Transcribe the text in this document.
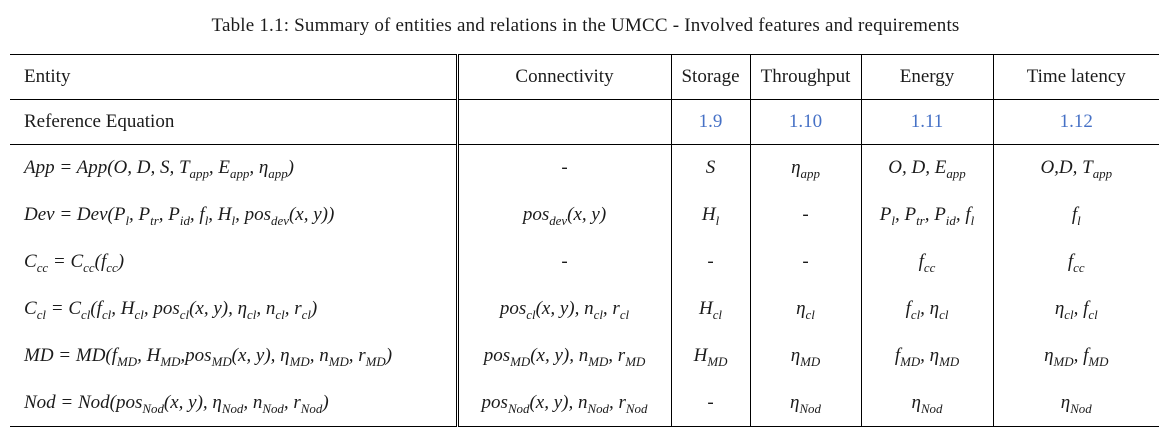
Table 1.1: Summary of entities and relations in the UMCC - Involved features and requirements
Entity	Connectivity	Storage	Throughput	Energy	Time latency
Reference Equation		1.9	1.10	1.11	1.12
App = App(O, D, S, $T_{app}$, $E_{app}$, $\eta_{app}$)	-	S	$\eta_{app}$	O, D, $E_{app}$	O,D, $T_{app}$
Dev = $Dev(P_l$, $P_{tr}$, $P_{id}$, $f_l$, $H_l$, pos$_{dev}$(x, y))	pos$_{dev}$(x, y)	$H_l$	-	$P_l$, $P_{tr}$, $P_{id}$, $f_l$	$f_l$
$C_{cc} = C_{cc}(f_{cc})$	-	-	-	$f_{cc}$	$f_{cc}$
$C_{cl} = C_{cl}(f_{cl}$, $H_{cl}$, pos$_{cl}$(x, y), $\eta_{cl}$, $n_{cl}$, $r_{cl}$)	pos$_{cl}$(x, y), $n_{cl}$, $r_{cl}$	$H_{cl}$	$\eta_{cl}$	$f_{cl}$, $\eta_{cl}$	$\eta_{cl}$, $f_{cl}$
MD = $MD(f_{MD}$, $H_{MD},pos_{MD}(x$, y), $\eta_{MD}$, $n_{MD}$, $r_{MD}$)	pos$_{MD}$(x, y), $n_{MD}$, $r_{MD}$	$H_{MD}$	$\eta_{MD}$	$f_{MD}$, $\eta_{MD}$	$\eta_{MD}$, $f_{MD}$
Nod = Nod(pos$_{Nod}$(x, y), $\eta_{Nod}$, $n_{Nod}$, $r_{Nod}$)	pos$_{Nod}$(x, y), $n_{Nod}$, $r_{Nod}$	-	$\eta_{Nod}$	$\eta_{Nod}$	$\eta_{Nod}$
